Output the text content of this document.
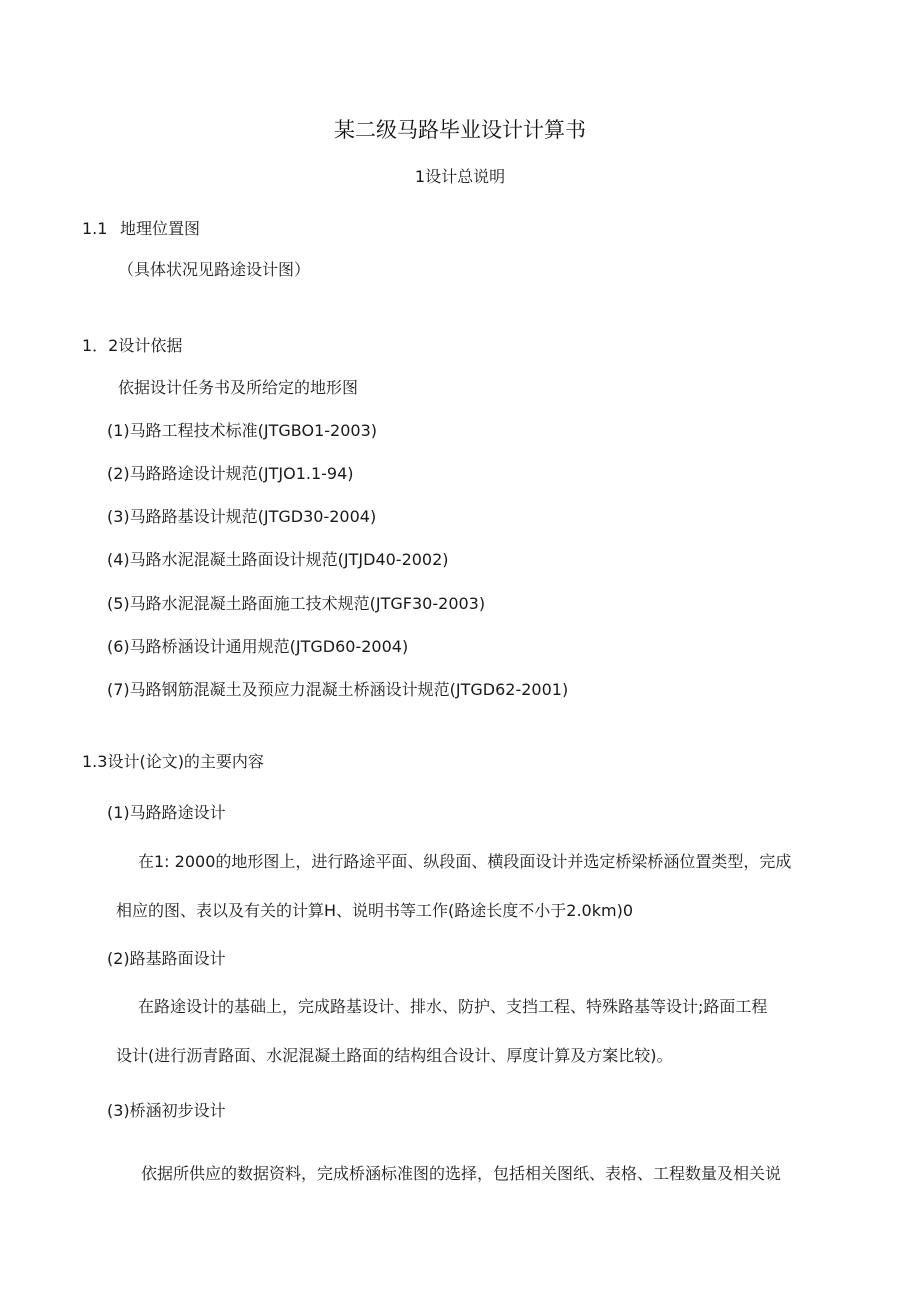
某二级马路毕业设计计算书
1设计总说明
1.1 地理位置图
（具体状况见路途设计图）
1．2设计依据
依据设计任务书及所给定的地形图
(1)马路工程技术标准(JTGBO1-2003)
(2)马路路途设计规范(JTJO1.1-94)
(3)马路路基设计规范(JTGD30-2004)
(4)马路水泥混凝土路面设计规范(JTJD40-2002)
(5)马路水泥混凝土路面施工技术规范(JTGF30-2003)
(6)马路桥涵设计通用规范(JTGD60-2004)
(7)马路钢筋混凝土及预应力混凝土桥涵设计规范(JTGD62-2001)
1.3设计(论文)的主要内容
(1)马路路途设计
在1: 2000的地形图上，进行路途平面、纵段面、横段面设计并选定桥梁桥涵位置类型，完成
相应的图、表以及有关的计算H、说明书等工作(路途长度不小于2.0km)0
(2)路基路面设计
在路途设计的基础上，完成路基设计、排水、防护、支挡工程、特殊路基等设计;路面工程
设计(进行沥青路面、水泥混凝土路面的结构组合设计、厚度计算及方案比较)。
(3)桥涵初步设计
依据所供应的数据资料，完成桥涵标准图的选择，包括相关图纸、表格、工程数量及相关说
